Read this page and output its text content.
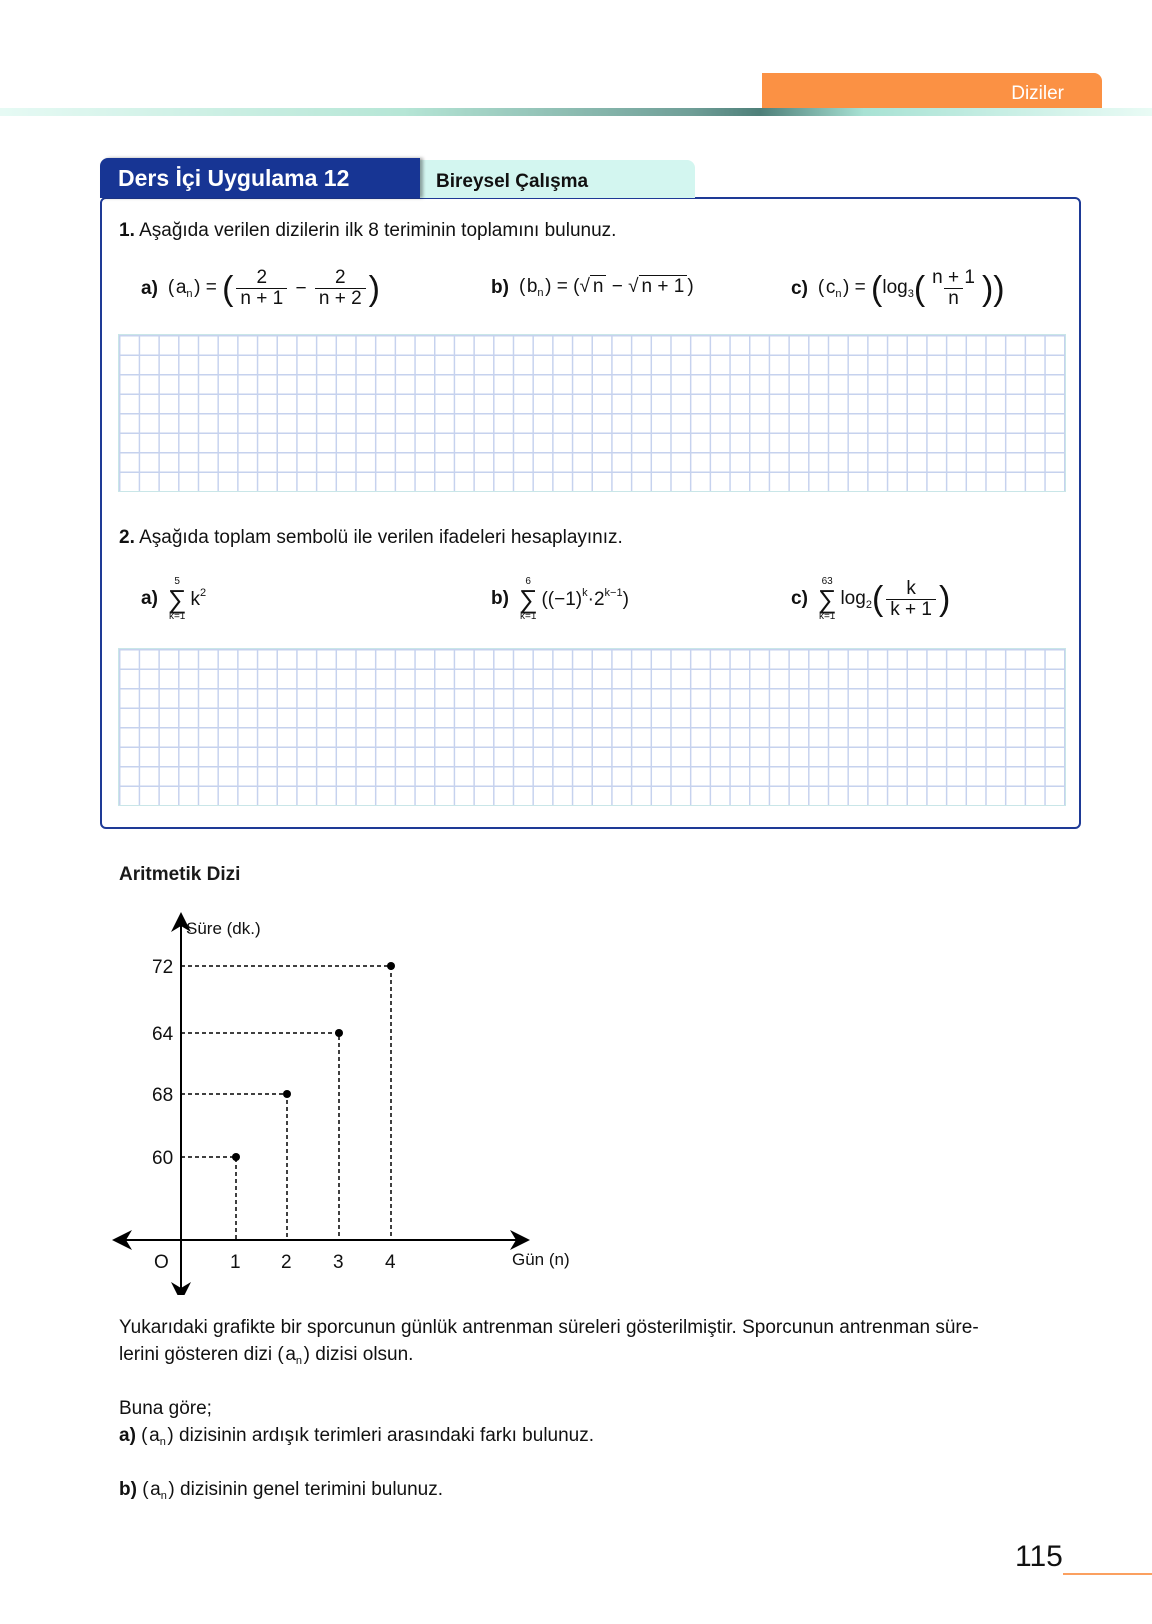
Diziler
Ders İçi Uygulama 12	Bireysel Çalışma
1. Aşağıda verilen dizilerin ilk 8 teriminin toplamını bulunuz.
a) ( $a_n$ ) = ( $\frac{2}{n + 1} - \frac{2}{n + 2}$ )	b) ( $b_n$ ) = (√ n − √ n + 1 )	c) ( $c_n$ ) = ( $\log_3$ ( $\frac{n + 1}{n}$ ))
2. Aşağıda toplam sembolü ile verilen ifadeleri hesaplayınız.
a)
5
∑
k=1
$k^2$	b)
6
∑
k=1
$((-1)^k\cdot 2^{k-1})$	c)
63
∑
k=1
$\log_2$ ( $\frac{k}{k + 1}$ )
Aritmetik Dizi
Süre (dk.)
72
68
64
60
O	1 2 3 4	Gün (n)
Yukarıdaki grafikte bir sporcunun günlük antrenman süreleri gösterilmiştir. Sporcunun antrenman süre-
lerini gösteren dizi ( $a_n$ ) dizisi olsun.
Buna göre;
a) ( $a_n$ ) dizisinin ardışık terimleri arasındaki farkı bulunuz.
b) ( $a_n$ ) dizisinin genel terimini bulunuz.
115
